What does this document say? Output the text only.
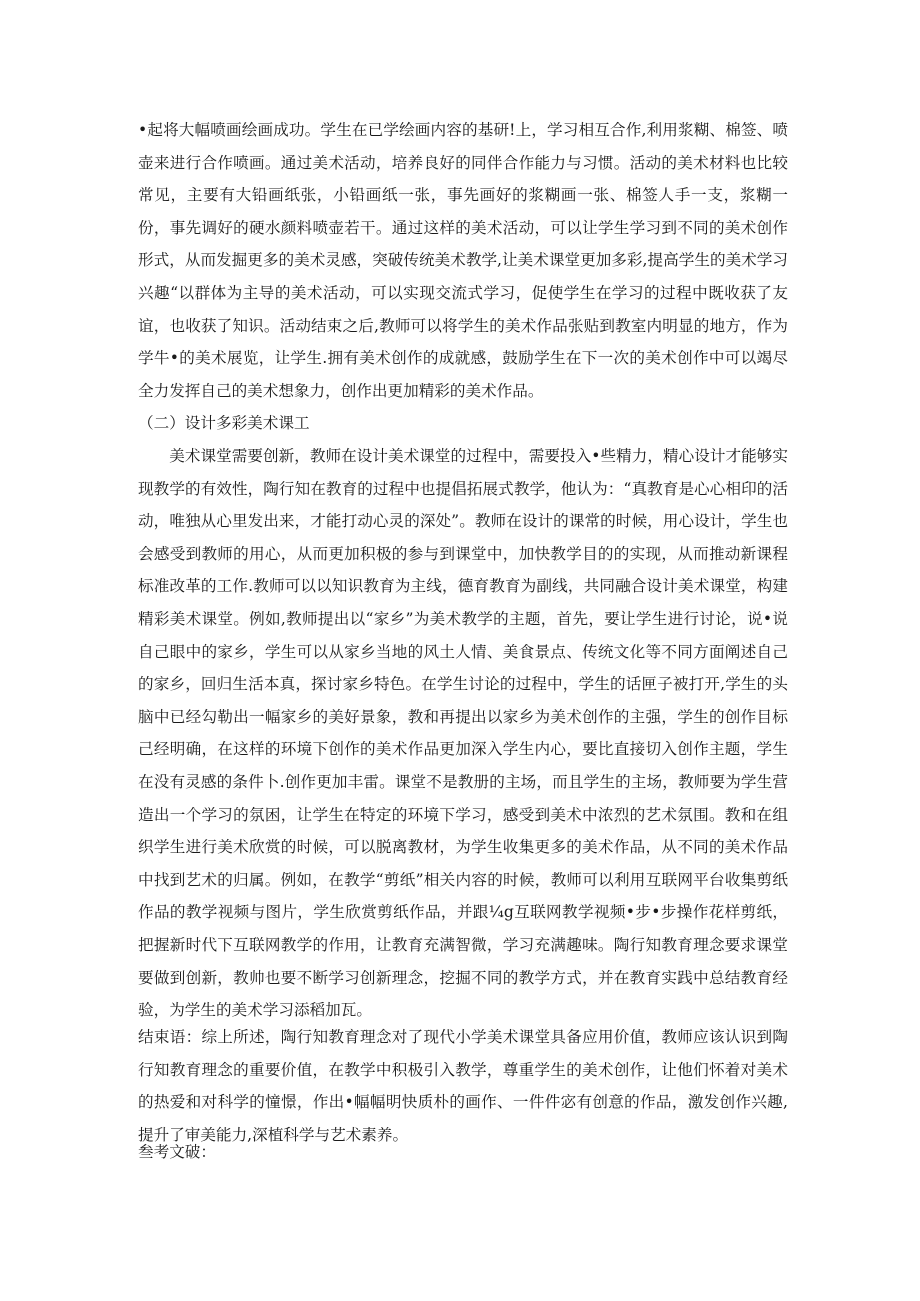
•起将大幅喷画绘画成功。学生在已学绘画内容的基研!上，学习相互合作,利用浆糊、棉签、喷壶来进行合作喷画。通过美术活动，培养良好的同伴合作能力与习惯。活动的美术材料也比较常见，主要有大铅画纸张，小铅画纸一张，事先画好的浆糊画一张、棉签人手一支，浆糊一份，事先调好的硬水颜料喷壶若干。通过这样的美术活动，可以让学生学习到不同的美术创作形式，从而发掘更多的美术灵感，突破传统美术教学,让美术课堂更加多彩,提高学生的美术学习兴趣“以群体为主导的美术活动，可以实现交流式学习，促使学生在学习的过程中既收获了友谊，也收获了知识。活动结束之后,教师可以将学生的美术作品张贴到教室内明显的地方，作为学牛•的美术展览，让学生.拥有美术创作的成就感，鼓励学生在下一次的美术创作中可以竭尽全力发挥自己的美术想象力，创作出更加精彩的美术作品。
（二）设计多彩美术课工
美术课堂需要创新，教师在设计美术课堂的过程中，需要投入•些精力，精心设计才能够实现教学的有效性，陶行知在教育的过程中也提倡拓展式教学，他认为：“真教育是心心相印的活动，唯独从心里发出来，才能打动心灵的深处”。教师在设计的课常的时候，用心设计，学生也会感受到教师的用心，从而更加积极的参与到课堂中，加快教学目的的实现，从而推动新课程标准改革的工作.教师可以以知识教育为主线，德育教育为副线，共同融合设计美术课堂，构建精彩美术课堂。例如,教师提出以“家乡”为美术教学的主题，首先，要让学生进行讨论，说•说自己眼中的家乡，学生可以从家乡当地的风土人情、美食景点、传统文化等不同方面阐述自己的家乡，回归生活本真，探讨家乡特色。在学生讨论的过程中，学生的话匣子被打开,学生的头脑中已经勾勒出一幅家乡的美好景象，教和再提出以家乡为美术创作的主强，学生的创作目标己经明确，在这样的环境下创作的美术作品更加深入学生内心，要比直接切入创作主题，学生在没有灵感的条件卜.创作更加丰雷。课堂不是教册的主场，而且学生的主场，教师要为学生营造出一个学习的氛困，让学生在特定的环境下学习，感受到美术中浓烈的艺术氛围。教和在组织学生进行美术欣赏的时候，可以脱离教材，为学生收集更多的美术作品，从不同的美术作品中找到艺术的归属。例如，在教学“剪纸”相关内容的时候，教师可以利用互联网平台收集剪纸作品的教学视频与图片，学生欣赏剪纸作品，并跟¼g互联网教学视频•步•步操作花样剪纸，把握新时代下互联网教学的作用，让教育充满智微，学习充满趣味。陶行知教育理念要求课堂要做到创新，教帅也要不断学习创新理念，挖掘不同的教学方式，并在教育实践中总结教育经验，为学生的美术学习添稻加瓦。
结束语：综上所述，陶行知教育理念对了现代小学美术课堂具备应用价值，教师应该认识到陶行知教育理念的重要价值，在教学中积极引入教学，尊重学生的美术创作，让他们怀着对美术的热爱和对科学的憧憬，作出•幅幅明快质朴的画作、一件件宓有创意的作品，激发创作兴趣,提升了审美能力,深植科学与艺术素养。
叁考文破：
